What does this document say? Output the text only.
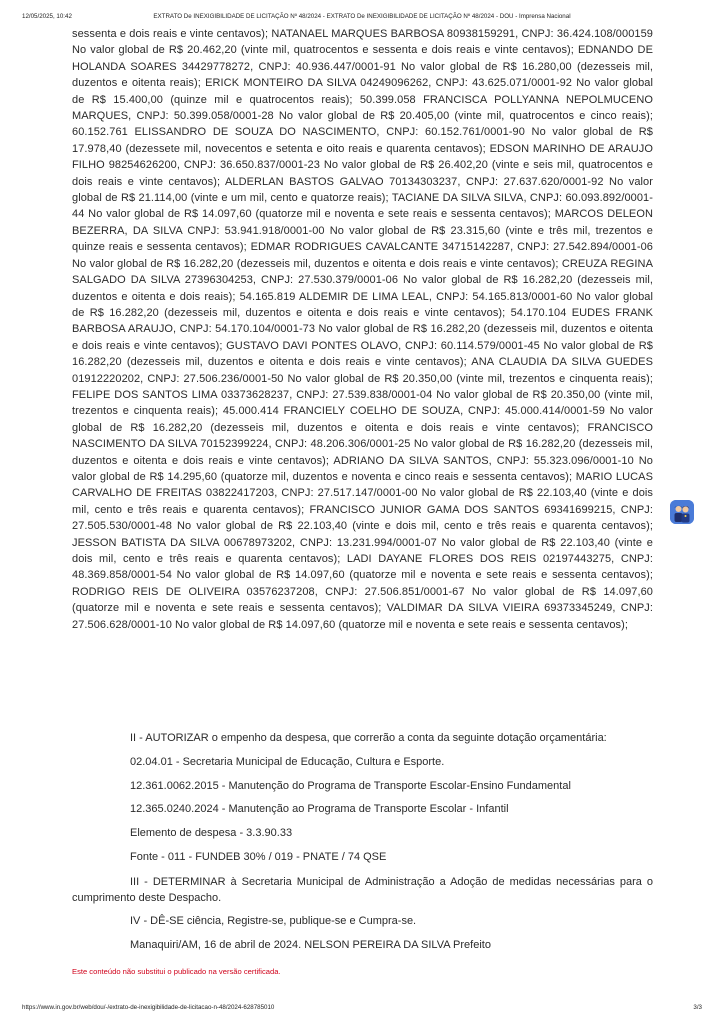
12/05/2025, 10:42	EXTRATO De INEXIGIBILIDADE DE LICITAÇÃO Nº 48/2024 - EXTRATO De INEXIGIBILIDADE DE LICITAÇÃO Nº 48/2024 - DOU - Imprensa Nacional
sessenta e dois reais e vinte centavos); NATANAEL MARQUES BARBOSA 80938159291, CNPJ: 36.424.108/000159 No valor global de R$ 20.462,20 (vinte mil, quatrocentos e sessenta e dois reais e vinte centavos); EDNANDO DE HOLANDA SOARES 34429778272, CNPJ: 40.936.447/0001-91 No valor global de R$ 16.280,00 (dezesseis mil, duzentos e oitenta reais); ERICK MONTEIRO DA SILVA 04249096262, CNPJ: 43.625.071/0001-92 No valor global de R$ 15.400,00 (quinze mil e quatrocentos reais); 50.399.058 FRANCISCA POLLYANNA NEPOLMUCENO MARQUES, CNPJ: 50.399.058/0001-28 No valor global de R$ 20.405,00 (vinte mil, quatrocentos e cinco reais); 60.152.761 ELISSANDRO DE SOUZA DO NASCIMENTO, CNPJ: 60.152.761/0001-90 No valor global de R$ 17.978,40 (dezessete mil, novecentos e setenta e oito reais e quarenta centavos); EDSON MARINHO DE ARAUJO FILHO 98254626200, CNPJ: 36.650.837/0001-23 No valor global de R$ 26.402,20 (vinte e seis mil, quatrocentos e dois reais e vinte centavos); ALDERLAN BASTOS GALVAO 70134303237, CNPJ: 27.637.620/0001-92 No valor global de R$ 21.114,00 (vinte e um mil, cento e quatorze reais); TACIANE DA SILVA SILVA, CNPJ: 60.093.892/0001-44 No valor global de R$ 14.097,60 (quatorze mil e noventa e sete reais e sessenta centavos); MARCOS DELEON BEZERRA, DA SILVA CNPJ: 53.941.918/0001-00 No valor global de R$ 23.315,60 (vinte e três mil, trezentos e quinze reais e sessenta centavos); EDMAR RODRIGUES CAVALCANTE 34715142287, CNPJ: 27.542.894/0001-06 No valor global de R$ 16.282,20 (dezesseis mil, duzentos e oitenta e dois reais e vinte centavos); CREUZA REGINA SALGADO DA SILVA 27396304253, CNPJ: 27.530.379/0001-06 No valor global de R$ 16.282,20 (dezesseis mil, duzentos e oitenta e dois reais); 54.165.819 ALDEMIR DE LIMA LEAL, CNPJ: 54.165.813/0001-60 No valor global de R$ 16.282,20 (dezesseis mil, duzentos e oitenta e dois reais e vinte centavos); 54.170.104 EUDES FRANK BARBOSA ARAUJO, CNPJ: 54.170.104/0001-73 No valor global de R$ 16.282,20 (dezesseis mil, duzentos e oitenta e dois reais e vinte centavos); GUSTAVO DAVI PONTES OLAVO, CNPJ: 60.114.579/0001-45 No valor global de R$ 16.282,20 (dezesseis mil, duzentos e oitenta e dois reais e vinte centavos); ANA CLAUDIA DA SILVA GUEDES 01912220202, CNPJ: 27.506.236/0001-50 No valor global de R$ 20.350,00 (vinte mil, trezentos e cinquenta reais); FELIPE DOS SANTOS LIMA 03373628237, CNPJ: 27.539.838/0001-04 No valor global de R$ 20.350,00 (vinte mil, trezentos e cinquenta reais); 45.000.414 FRANCIELY COELHO DE SOUZA, CNPJ: 45.000.414/0001-59 No valor global de R$ 16.282,20 (dezesseis mil, duzentos e oitenta e dois reais e vinte centavos); FRANCISCO NASCIMENTO DA SILVA 70152399224, CNPJ: 48.206.306/0001-25 No valor global de R$ 16.282,20 (dezesseis mil, duzentos e oitenta e dois reais e vinte centavos); ADRIANO DA SILVA SANTOS, CNPJ: 55.323.096/0001-10 No valor global de R$ 14.295,60 (quatorze mil, duzentos e noventa e cinco reais e sessenta centavos); MARIO LUCAS CARVALHO DE FREITAS 03822417203, CNPJ: 27.517.147/0001-00 No valor global de R$ 22.103,40 (vinte e dois mil, cento e três reais e quarenta centavos); FRANCISCO JUNIOR GAMA DOS SANTOS 69341699215, CNPJ: 27.505.530/0001-48 No valor global de R$ 22.103,40 (vinte e dois mil, cento e três reais e quarenta centavos); JESSON BATISTA DA SILVA 00678973202, CNPJ: 13.231.994/0001-07 No valor global de R$ 22.103,40 (vinte e dois mil, cento e três reais e quarenta centavos); LADI DAYANE FLORES DOS REIS 02197443275, CNPJ: 48.369.858/0001-54 No valor global de R$ 14.097,60 (quatorze mil e noventa e sete reais e sessenta centavos); RODRIGO REIS DE OLIVEIRA 03576237208, CNPJ: 27.506.851/0001-67 No valor global de R$ 14.097,60 (quatorze mil e noventa e sete reais e sessenta centavos); VALDIMAR DA SILVA VIEIRA 69373345249, CNPJ: 27.506.628/0001-10 No valor global de R$ 14.097,60 (quatorze mil e noventa e sete reais e sessenta centavos);
II - AUTORIZAR o empenho da despesa, que correrão a conta da seguinte dotação orçamentária:
02.04.01 - Secretaria Municipal de Educação, Cultura e Esporte.
12.361.0062.2015 - Manutenção do Programa de Transporte Escolar-Ensino Fundamental
12.365.0240.2024 - Manutenção ao Programa de Transporte Escolar - Infantil
Elemento de despesa - 3.3.90.33
Fonte - 011 - FUNDEB 30% / 019 - PNATE / 74 QSE
III - DETERMINAR à Secretaria Municipal de Administração a Adoção de medidas necessárias para o cumprimento deste Despacho.
IV - DÊ-SE ciência, Registre-se, publique-se e Cumpra-se.
Manaquiri/AM, 16 de abril de 2024. NELSON PEREIRA DA SILVA Prefeito
Este conteúdo não substitui o publicado na versão certificada.
https://www.in.gov.br/web/dou/-/extrato-de-inexigibilidade-de-licitacao-n-48/2024-628785010	3/3
